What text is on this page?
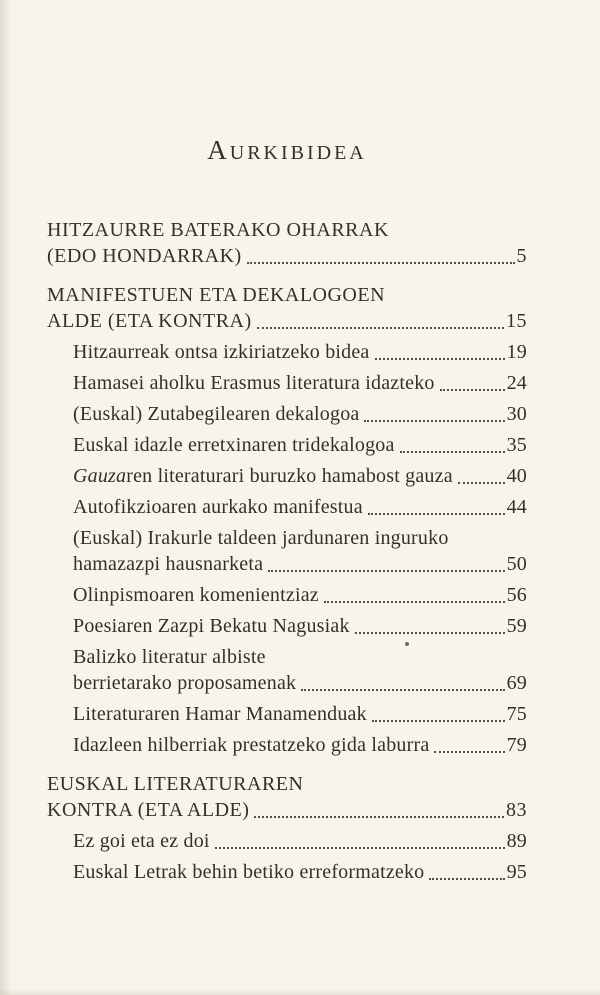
AURKIBIDEA
HITZAURRE BATERAKO OHARRAK
(EDO HONDARRAK)	5
MANIFESTUEN ETA DEKALOGOEN
ALDE (ETA KONTRA)	15
Hitzaurreak ontsa izkiriatzeko bidea	19
Hamasei aholku Erasmus literatura idazteko	24
(Euskal) Zutabegilearen dekalogoa	30
Euskal idazle erretxinaren tridekalogoa	35
Gauzaren literaturari buruzko hamabost gauza	40
Autofikzioaren aurkako manifestua	44
(Euskal) Irakurle taldeen jardunaren inguruko
hamazazpi hausnarketa	50
Olinpismoaren komenientziaz	56
Poesiaren Zazpi Bekatu Nagusiak	59
Balizko literatur albiste
berrietarako proposamenak	69
Literaturaren Hamar Manamenduak	75
Idazleen hilberriak prestatzeko gida laburra	79
EUSKAL LITERATURAREN
KONTRA (ETA ALDE)	83
Ez goi eta ez doi	89
Euskal Letrak behin betiko erreformatzeko	95
